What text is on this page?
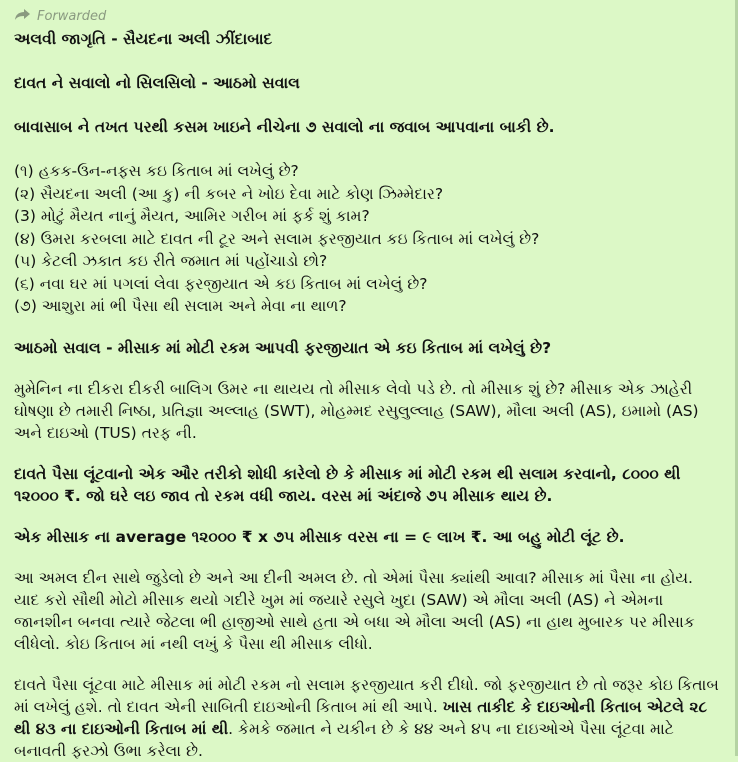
Forwarded

અલવી જાગૃતિ - સૈયદના અલી ઝીંદાબાદ

દાવત ને સવાલો નો સિલસિલો - આઠમો સવાલ

બાવાસાબ ને તખત પરથી કસમ ખાઇને નીચેના ૭ સવાલો ના જવાબ આપવાના બાકી છે.

(૧) હકક-ઉન-નફસ કઇ કિતાબ માં લખેલું છે?
(૨) સૈયદના અલી (આ કુ) ની કબર ને ખોઇ દેવા માટે કોણ ઝિમ્મેદાર?
(3) મોટું મૈયત નાનું મૈયત, આમિર ગરીબ માં ફર્ક શું કામ?
(૪) ઉમરા કરબલા માટે દાવત ની ટૂર અને સલામ ફરજીયાત કઇ કિતાબ માં લખેલું છે?
(૫) કેટલી ઝકાત કઇ રીતે જમાત માં પહોંચાડો છો?
(૬) નવા ઘર માં પગલાં લેવા ફરજીયાત એ કઇ કિતાબ માં લખેલું છે?
(૭) આશુરા માં ભી પૈસા થી સલામ અને મેવા ના થાળ?

આઠમો સવાલ - મીસાક માં મોટી રકમ આપવી ફરજીયાત એ કઇ કિતાબ માં લખેલું છે?

મુમેનિન ના દીકરા દીકરી બાલિગ ઉમર ના થાયય તો મીસાક લેવો પડે છે. તો મીસાક શું છે? મીસાક એક ઝાહેરી ઘોષણા છે તમારી નિષ્ઠા, પ્રતિજ્ઞા અલ્લાહ (SWT), મોહમ્મદ રસુલુલ્લાહ (SAW), મૌલા અલી (AS), ઇમામો (AS) અને દાઇઓ (TUS) તરફ ની.

દાવતે પૈસા લૂંટવાનો એક ઔર તરીકો શોધી કારેલો છે કે મીસાક માં મોટી રકમ થી સલામ કરવાનો, ૮૦૦૦ થી ૧૨૦૦૦ ₹. જો ઘરે લઇ જાવ તો રકમ વધી જાય. વરસ માં અંદાજે ૭૫ મીસાક થાય છે.

એક મીસાક ના average ૧૨૦૦૦ ₹ x ૭૫ મીસાક વરસ ના = ૯ લાખ ₹. આ બહુ મોટી લૂંટ છે.

આ અમલ દીન સાથે જુડેલો છે અને આ દીની અમલ છે. તો એમાં પૈસા ક્યાંથી આવા? મીસાક માં પૈસા ના હોય. યાદ કરો સૌથી મોટો મીસાક થયો ગદીરે ખુમ માં જયારે રસુલે ખુદા (SAW) એ મૌલા અલી (AS) ને એમના જાનશીન બનવા ત્યારે જેટલા ભી હાજીઓ સાથે હતા એ બધા એ મૌલા અલી (AS) ના હાથ મુબારક પર મીસાક લીધેલો. કોઇ કિતાબ માં નથી લખું કે પૈસા થી મીસાક લીધો.

દાવતે પૈસા લૂંટવા માટે મીસાક માં મોટી રકમ નો સલામ ફરજીયાત કરી દીધો. જો ફરજીયાત છે તો જરૂર કોઇ કિતાબ માં લખેલું હશે. તો દાવત એની સાબિતી દાઇઓની કિતાબ માં થી આપે. ખાસ તાકીદ કે દાઇઓની કિતાબ એટલે ૨૮ થી ૪૩ ના દાઇઓની કિતાબ માં થી. કેમકે જમાત ને યકીન છે કે ૪૪ અને ૪૫ ના દાઇઓએ પૈસા લૂંટવા માટે બનાવતી ફરઝો ઉભા કરેલા છે.
